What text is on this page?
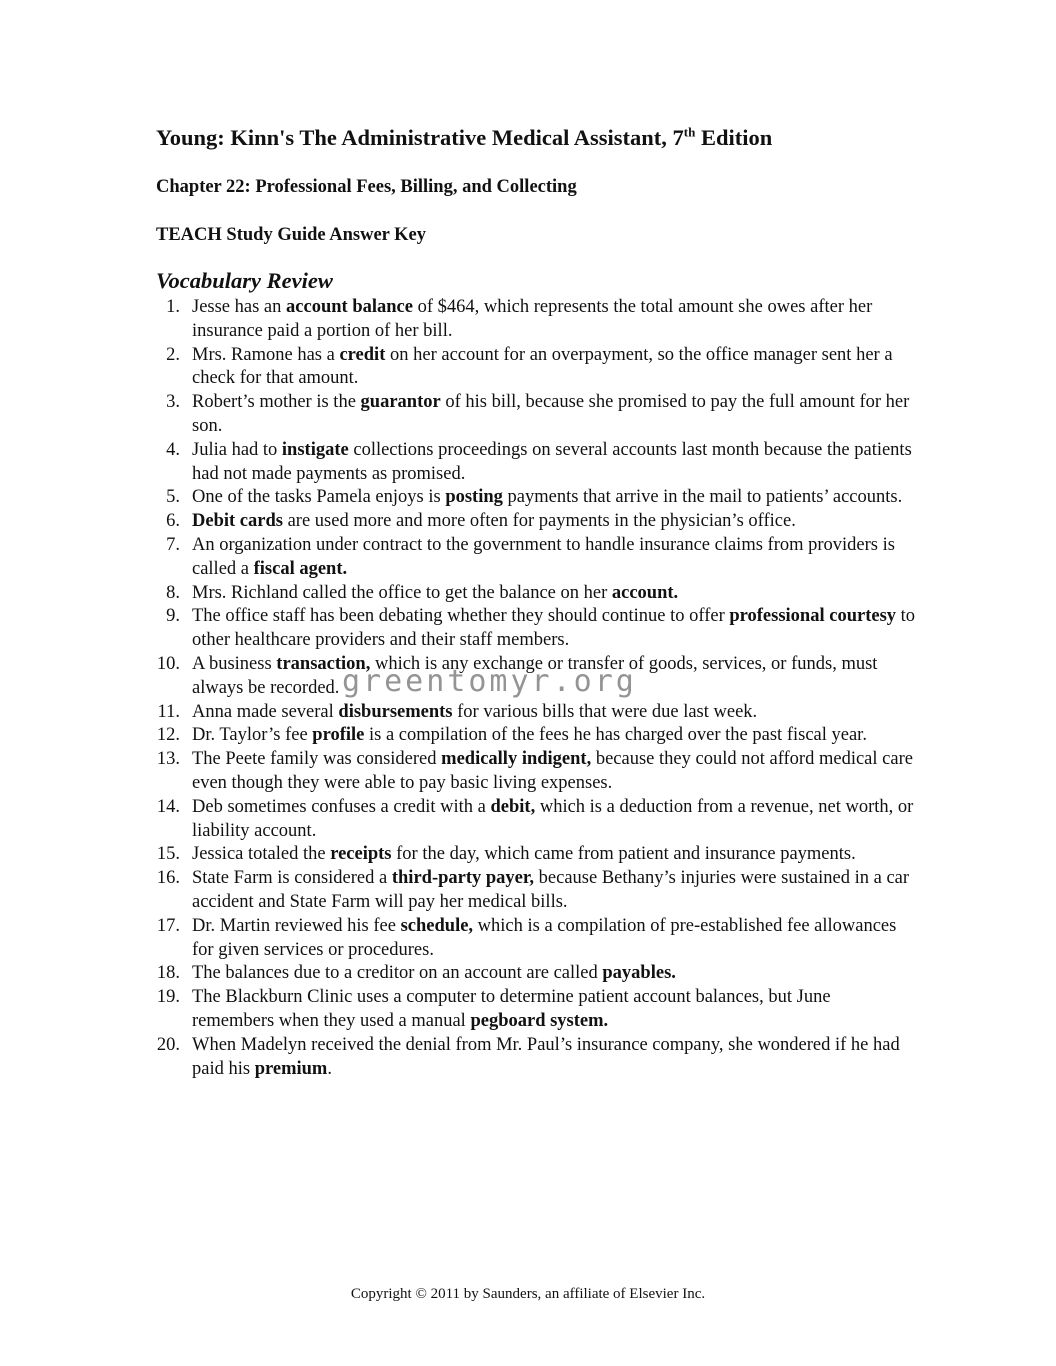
Young: Kinn's The Administrative Medical Assistant, 7th Edition
Chapter 22: Professional Fees, Billing, and Collecting
TEACH Study Guide Answer Key
Vocabulary Review
1. Jesse has an account balance of $464, which represents the total amount she owes after her insurance paid a portion of her bill.
2. Mrs. Ramone has a credit on her account for an overpayment, so the office manager sent her a check for that amount.
3. Robert’s mother is the guarantor of his bill, because she promised to pay the full amount for her son.
4. Julia had to instigate collections proceedings on several accounts last month because the patients had not made payments as promised.
5. One of the tasks Pamela enjoys is posting payments that arrive in the mail to patients’ accounts.
6. Debit cards are used more and more often for payments in the physician’s office.
7. An organization under contract to the government to handle insurance claims from providers is called a fiscal agent.
8. Mrs. Richland called the office to get the balance on her account.
9. The office staff has been debating whether they should continue to offer professional courtesy to other healthcare providers and their staff members.
10. A business transaction, which is any exchange or transfer of goods, services, or funds, must always be recorded.
11. Anna made several disbursements for various bills that were due last week.
12. Dr. Taylor’s fee profile is a compilation of the fees he has charged over the past fiscal year.
13. The Peete family was considered medically indigent, because they could not afford medical care even though they were able to pay basic living expenses.
14. Deb sometimes confuses a credit with a debit, which is a deduction from a revenue, net worth, or liability account.
15. Jessica totaled the receipts for the day, which came from patient and insurance payments.
16. State Farm is considered a third-party payer, because Bethany’s injuries were sustained in a car accident and State Farm will pay her medical bills.
17. Dr. Martin reviewed his fee schedule, which is a compilation of pre-established fee allowances for given services or procedures.
18. The balances due to a creditor on an account are called payables.
19. The Blackburn Clinic uses a computer to determine patient account balances, but June remembers when they used a manual pegboard system.
20. When Madelyn received the denial from Mr. Paul’s insurance company, she wondered if he had paid his premium.
greentomyr.org
Copyright © 2011 by Saunders, an affiliate of Elsevier Inc.
